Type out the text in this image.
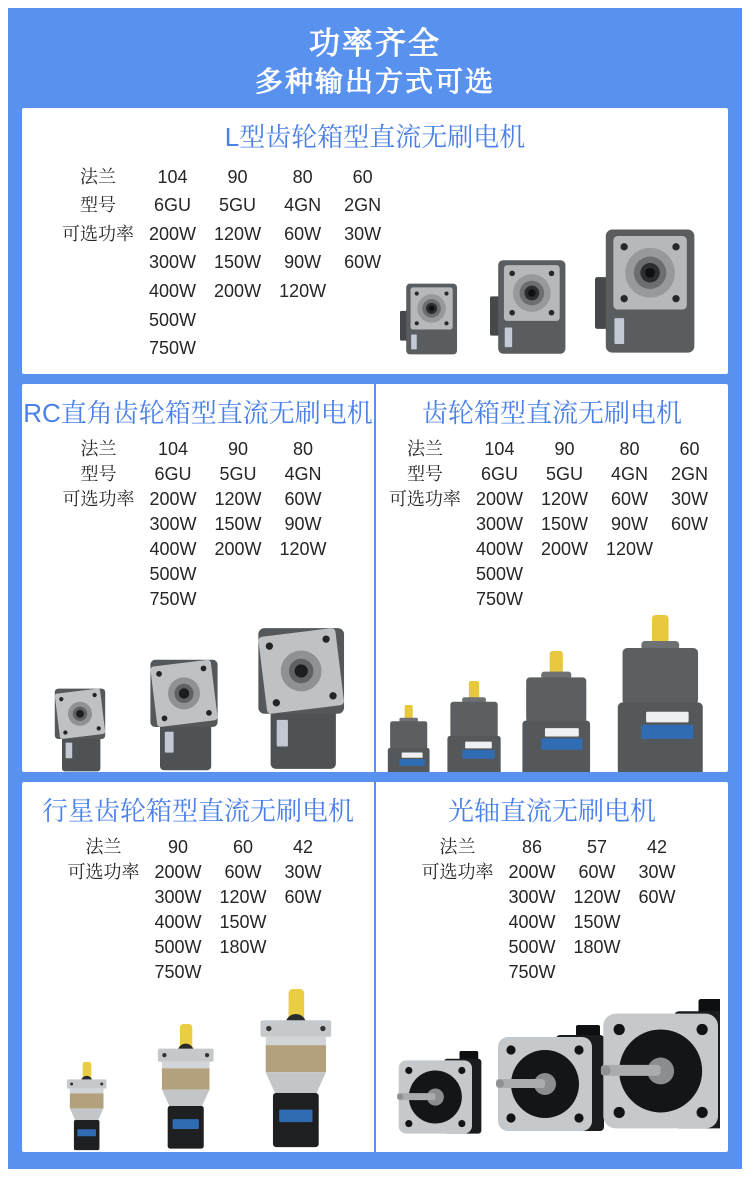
功率齐全
多种输出方式可选
L型齿轮箱型直流无刷电机
法兰	104	90	80	60
型号	6GU	5GU	4GN	2GN
可选功率	200W	120W	60W	30W
	300W	150W	90W	60W
	400W	200W	120W	
	500W			
	750W			
RC直角齿轮箱型直流无刷电机
法兰	104	90	80
型号	6GU	5GU	4GN
可选功率	200W	120W	60W
	300W	150W	90W
	400W	200W	120W
	500W		
	750W		
齿轮箱型直流无刷电机
法兰	104	90	80	60
型号	6GU	5GU	4GN	2GN
可选功率	200W	120W	60W	30W
	300W	150W	90W	60W
	400W	200W	120W	
	500W			
	750W			
行星齿轮箱型直流无刷电机
法兰	90	60	42
可选功率	200W	60W	30W
	300W	120W	60W
	400W	150W	
	500W	180W	
	750W		
光轴直流无刷电机
法兰	86	57	42
可选功率	200W	60W	30W
	300W	120W	60W
	400W	150W	
	500W	180W	
	750W		
